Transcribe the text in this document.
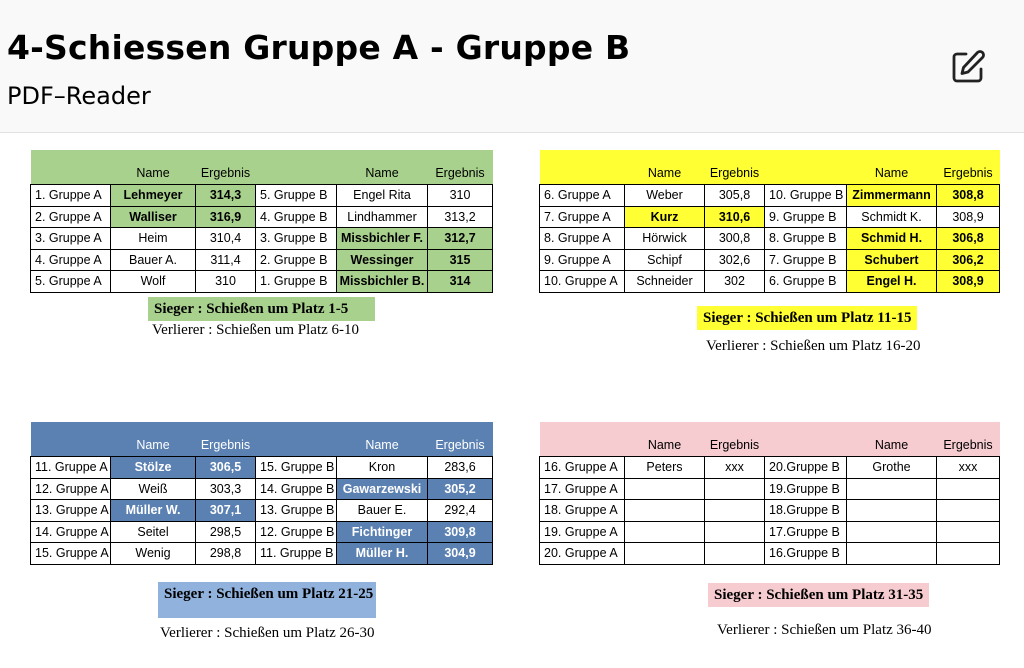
4-Schiessen Gruppe A - Gruppe B
PDF–Reader
	Name	Ergebnis		Name	Ergebnis
1. Gruppe A	Lehmeyer	314,3	5. Gruppe B	Engel Rita	310
2. Gruppe A	Walliser	316,9	4. Gruppe B	Lindhammer	313,2
3. Gruppe A	Heim	310,4	3. Gruppe B	Missbichler F.	312,7
4. Gruppe A	Bauer A.	311,4	2. Gruppe B	Wessinger	315
5. Gruppe A	Wolf	310	1. Gruppe B	Missbichler B.	314
Sieger : Schießen um Platz 1-5
Verlierer : Schießen um Platz 6-10
	Name	Ergebnis		Name	Ergebnis
6. Gruppe A	Weber	305,8	10. Gruppe B	Zimmermann	308,8
7. Gruppe A	Kurz	310,6	9. Gruppe B	Schmidt K.	308,9
8. Gruppe A	Hörwick	300,8	8. Gruppe B	Schmid H.	306,8
9. Gruppe A	Schipf	302,6	7. Gruppe B	Schubert	306,2
10. Gruppe A	Schneider	302	6. Gruppe B	Engel H.	308,9
Sieger : Schießen um Platz 11-15
Verlierer : Schießen um Platz 16-20
	Name	Ergebnis		Name	Ergebnis
11. Gruppe A	Stölze	306,5	15. Gruppe B	Kron	283,6
12. Gruppe A	Weiß	303,3	14. Gruppe B	Gawarzewski	305,2
13. Gruppe A	Müller W.	307,1	13. Gruppe B	Bauer E.	292,4
14. Gruppe A	Seitel	298,5	12. Gruppe B	Fichtinger	309,8
15. Gruppe A	Wenig	298,8	11. Gruppe B	Müller H.	304,9
Sieger : Schießen um Platz 21-25
Verlierer : Schießen um Platz 26-30
	Name	Ergebnis		Name	Ergebnis
16. Gruppe A	Peters	xxx	20.Gruppe B	Grothe	xxx
17. Gruppe A			19.Gruppe B		
18. Gruppe A			18.Gruppe B		
19. Gruppe A			17.Gruppe B		
20. Gruppe A			16.Gruppe B		
Sieger : Schießen um Platz 31-35
Verlierer : Schießen um Platz 36-40
